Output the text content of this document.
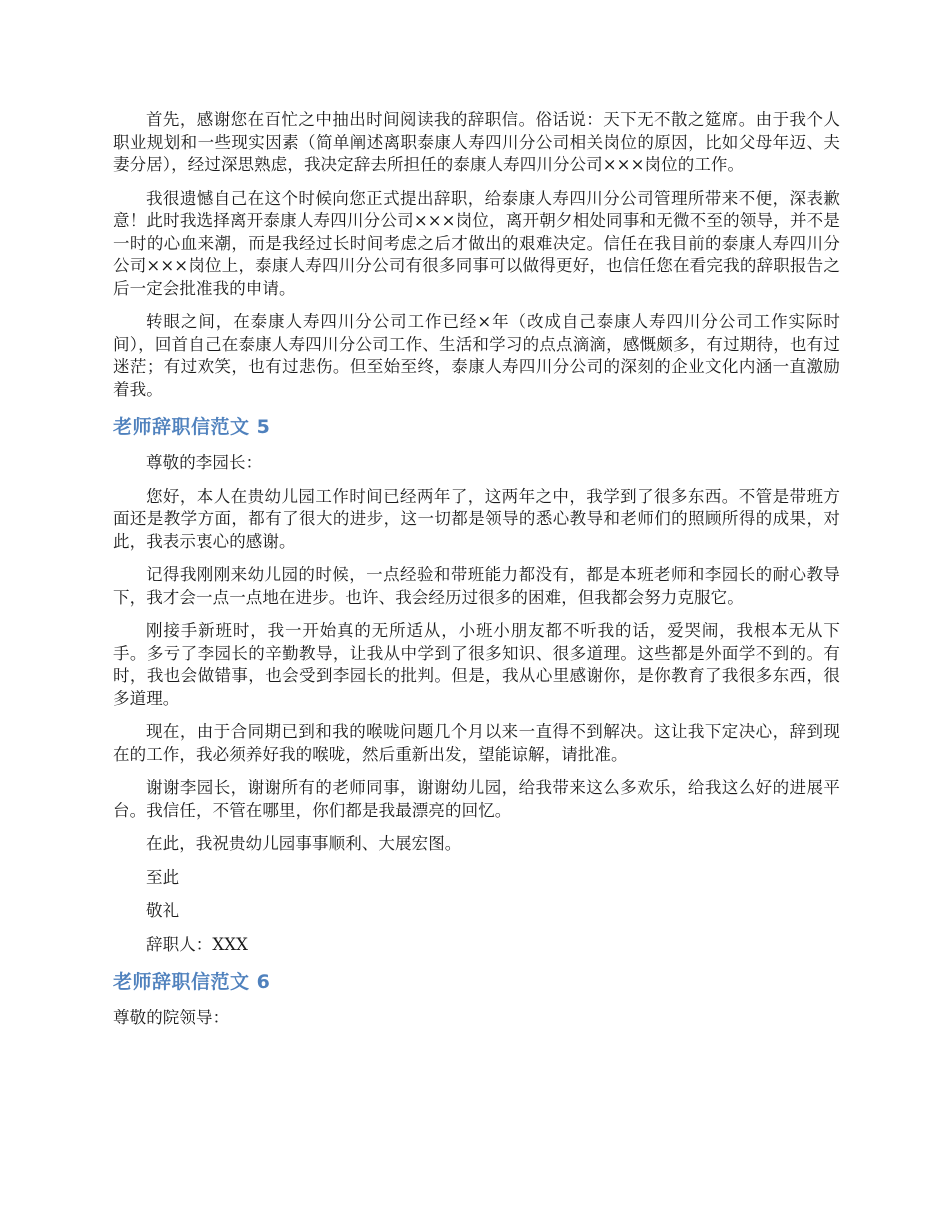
首先，感谢您在百忙之中抽出时间阅读我的辞职信。俗话说：天下无不散之筵席。由于我个人职业规划和一些现实因素（简单阐述离职泰康人寿四川分公司相关岗位的原因，比如父母年迈、夫妻分居），经过深思熟虑，我决定辞去所担任的泰康人寿四川分公司×××岗位的工作。

我很遗憾自己在这个时候向您正式提出辞职，给泰康人寿四川分公司管理所带来不便，深表歉意！此时我选择离开泰康人寿四川分公司×××岗位，离开朝夕相处同事和无微不至的领导，并不是一时的心血来潮，而是我经过长时间考虑之后才做出的艰难决定。信任在我目前的泰康人寿四川分公司×××岗位上，泰康人寿四川分公司有很多同事可以做得更好，也信任您在看完我的辞职报告之后一定会批准我的申请。

转眼之间，在泰康人寿四川分公司工作已经×年（改成自己泰康人寿四川分公司工作实际时间），回首自己在泰康人寿四川分公司工作、生活和学习的点点滴滴，感慨颇多，有过期待，也有过迷茫；有过欢笑，也有过悲伤。但至始至终，泰康人寿四川分公司的深刻的企业文化内涵一直激励着我。

老师辞职信范文 5

尊敬的李园长：

您好，本人在贵幼儿园工作时间已经两年了，这两年之中，我学到了很多东西。不管是带班方面还是教学方面，都有了很大的进步，这一切都是领导的悉心教导和老师们的照顾所得的成果，对此，我表示衷心的感谢。

记得我刚刚来幼儿园的时候，一点经验和带班能力都没有，都是本班老师和李园长的耐心教导下，我才会一点一点地在进步。也许、我会经历过很多的困难，但我都会努力克服它。

刚接手新班时，我一开始真的无所适从，小班小朋友都不听我的话，爱哭闹，我根本无从下手。多亏了李园长的辛勤教导，让我从中学到了很多知识、很多道理。这些都是外面学不到的。有时，我也会做错事，也会受到李园长的批判。但是，我从心里感谢你，是你教育了我很多东西，很多道理。

现在，由于合同期已到和我的喉咙问题几个月以来一直得不到解决。这让我下定决心，辞到现在的工作，我必须养好我的喉咙，然后重新出发，望能谅解，请批准。

谢谢李园长，谢谢所有的老师同事，谢谢幼儿园，给我带来这么多欢乐，给我这么好的进展平台。我信任，不管在哪里，你们都是我最漂亮的回忆。

在此，我祝贵幼儿园事事顺利、大展宏图。

至此

敬礼

辞职人：XXX

老师辞职信范文 6

尊敬的院领导：
